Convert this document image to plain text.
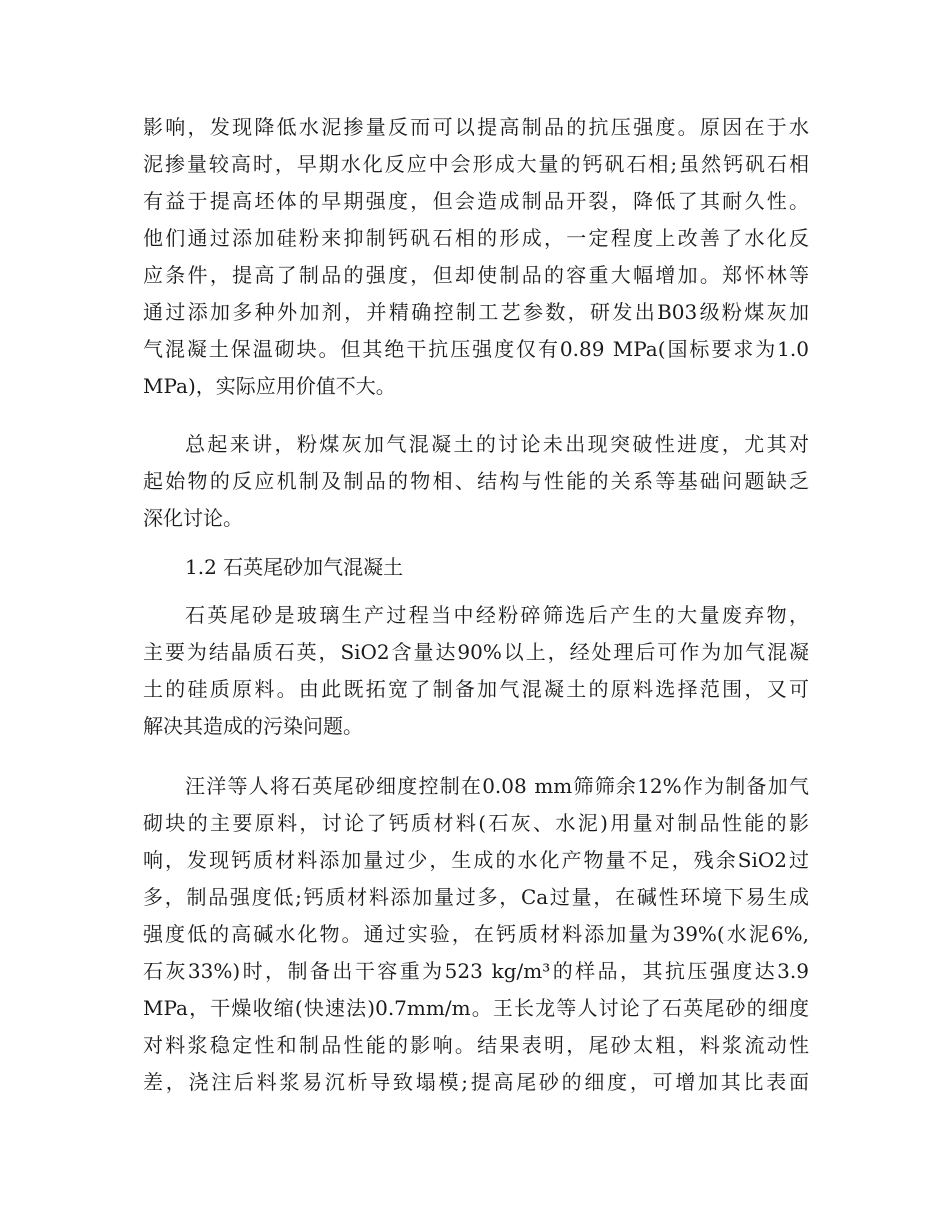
影响，发现降低水泥掺量反而可以提高制品的抗压强度。原因在于水
泥掺量较高时，早期水化反应中会形成大量的钙矾石相;虽然钙矾石相
有益于提高坯体的早期强度，但会造成制品开裂，降低了其耐久性。
他们通过添加硅粉来抑制钙矾石相的形成，一定程度上改善了水化反
应条件，提高了制品的强度，但却使制品的容重大幅增加。郑怀林等
通过添加多种外加剂，并精确控制工艺参数，研发出B03级粉煤灰加
气混凝土保温砌块。但其绝干抗压强度仅有0.89 MPa(国标要求为1.0
MPa)，实际应用价值不大。
总起来讲，粉煤灰加气混凝土的讨论未出现突破性进度，尤其对
起始物的反应机制及制品的物相、结构与性能的关系等基础问题缺乏
深化讨论。
1.2 石英尾砂加气混凝土
石英尾砂是玻璃生产过程当中经粉碎筛选后产生的大量废弃物，
主要为结晶质石英，SiO2含量达90%以上，经处理后可作为加气混凝
土的硅质原料。由此既拓宽了制备加气混凝土的原料选择范围，又可
解决其造成的污染问题。
汪洋等人将石英尾砂细度控制在0.08 mm筛筛余12%作为制备加气
砌块的主要原料，讨论了钙质材料(石灰、水泥)用量对制品性能的影
响，发现钙质材料添加量过少，生成的水化产物量不足，残余SiO2过
多，制品强度低;钙质材料添加量过多，Ca过量，在碱性环境下易生成
强度低的高碱水化物。通过实验，在钙质材料添加量为39%(水泥6%,
石灰33%)时，制备出干容重为523 kg/m³的样品，其抗压强度达3.9
MPa，干燥收缩(快速法)0.7mm/m。王长龙等人讨论了石英尾砂的细度
对料浆稳定性和制品性能的影响。结果表明，尾砂太粗，料浆流动性
差，浇注后料浆易沉析导致塌模;提高尾砂的细度，可增加其比表面
